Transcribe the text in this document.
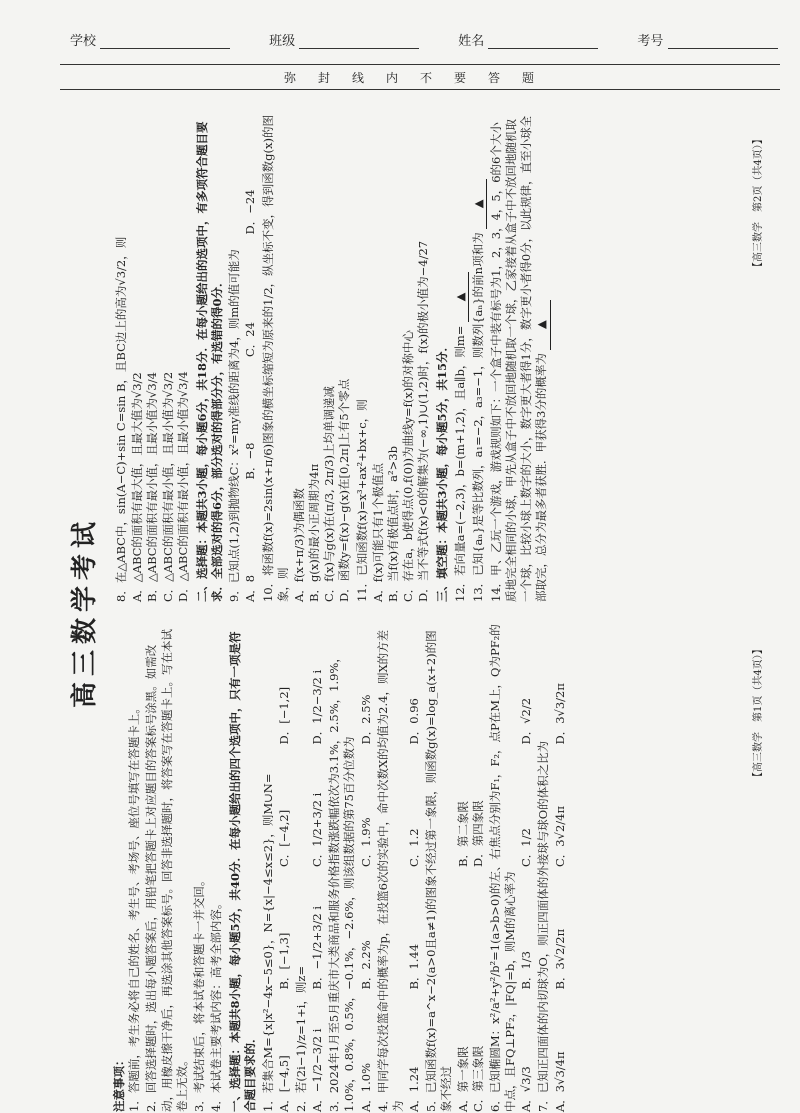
学校	班级	姓名	考号
弥封线内不要答题
高三数学考试
注意事项： 1．答题前，考生务必将自己的姓名、考生号、考场号、座位号填写在答题卡上。 2．回答选择题时，选出每小题答案后，用铅笔把答题卡上对应题目的答案标号涂黑。如需改动，用橡皮擦干净后，再选涂其他答案标号。回答非选择题时，将答案写在答题卡上。写在本试卷上无效。 3．考试结束后，将本试卷和答题卡一并交回。 4．本试卷主要考试内容：高考全部内容。 一、选择题：本题共8小题，每小题5分，共40分．在每小题给出的四个选项中，只有一项是符合题目要求的． 1．若集合M={x|x²−4x−5≤0}，N={x|−4≤x≤2}，则M∪N= A．[−4,5]
B．[−1,3]
C．[−4,2]
D．[−1,2]
2．若(2i−1)/z=1+i，则z= A．−1/2−3/2 i
B．−1/2+3/2 i
C．1/2+3/2 i
D．1/2−3/2 i 3．2024年1月至5月重庆市大类商品和服务价格指数涨跌幅依次为3.1%，2.5%，1.9%，1.0%，0.8%，0.5%，−0.1%，−2.6%，则该组数据的第75百分位数为 A．1.0%
B．2.2%
C．1.9%
D．2.5% 4．甲同学每次投篮命中的概率为p，在投篮6次的实验中，命中次数X的均值为2.4，则X的方差为 A．1.24
B．1.44
C．1.2
D．0.96 5．已知函数f(x)=a^x−2(a>0且a≠1)的图象不经过第一象限，则函数g(x)=log_a(x+2)的图象不经过 A．第一象限
B．第二象限
C．第三象限
D．第四象限 6．已知椭圆M：x²/a²+y²/b²=1(a>b>0)的左、右焦点分别为F₁，F₂，点P在M上，Q为PF₂的中点，且FQ⊥PF₂，|FQ|=b，则M的离心率为 A．√3/3
B．1/3
C．1/2
D．√2/2
7．已知正四面体的内切球为O，则正四面体的外接球与球O的体积之比为 A．3√3/4π
B．3√2/2π
C．3√2/4π
D．3√3/2π	【高三数学　第1页（共4页）】
8．在△ABC中，sin(A−C)+sin C=sin B，且BC边上的高为√3/2，则 A．△ABC的面积有最大值，且最大值为√3/2 B．△ABC的面积有最小值，且最小值为√3/4 C．△ABC的面积有最小值，且最小值为√3/2 D．△ABC的面积有最小值，且最小值为√3/4 二、选择题：本题共3小题，每小题6分，共18分．在每小题给出的选项中，有多项符合题目要求．全部选对的得6分，部分选对的得部分分，有选错的得0分． 9．已知点(1,2)到抛物线C：x²=my准线的距离为4，则m的值可能为 A．8
B．−8
C．24
D．−24 10．将函数f(x)=2sin(x+π/6)图象的横坐标缩短为原来的1/2，纵坐标不变，得到函数g(x)的图象，则 A．f(x+π/3)为偶函数 B．g(x)的最小正周期为4π C．f(x)与g(x)在(π/3, 2π/3)上均单调递减 D．函数y=f(x)−g(x)在[0,2π]上有5个零点 11．已知函数f(x)=x³+ax²+bx+c，则 A．f(x)可能只有1个极值点 B．当f(x)有极值点时，a²>3b C．存在a，b使得点(0,f(0))为曲线y=f(x)的对称中心 D．当不等式f(x)<0的解集为(−∞,1)∪(1,2)时，f(x)的极小值为−4/27 三、填空题：本题共3小题，每小题5分，共15分． 12．若向量a=(−2,3)，b=(m+1,2)，且a∥b，则m= ▲ 13．已知{aₙ}是等比数列，a₁=−2，a₃=−1，则数列{aₙ}的前n项和为 ▲ 14．甲、乙玩一个游戏，游戏规则如下：一个盒子中装有标号为1，2，3，4，5，6的6个大小质地完全相同的小球，甲先从盒子中不放回地随机取一个球，乙家接着从盒子中不放回地随机取一个球，比较小球上数字的大小，数字更大者得1分，数字更小者得0分，以此规律，直至小球全部取完，总分为最多者获胜．甲获得3分的概率为 ▲
【高三数学　第2页（共4页）】
